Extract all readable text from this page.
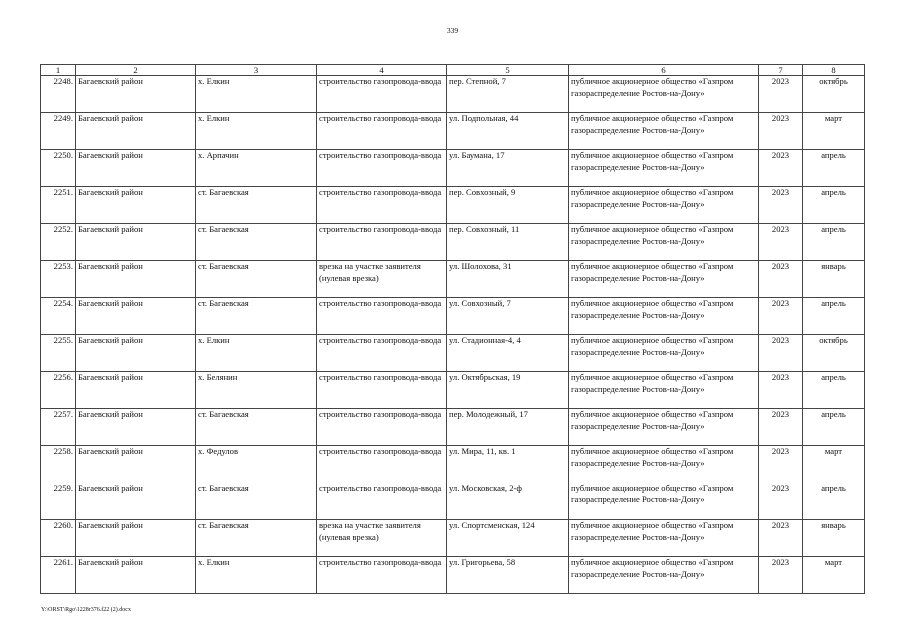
339
1	2	3	4	5	6	7	8
2248.	Багаевский район	х. Елкин	строительство газопровода-ввода	пер. Степной, 7	публичное акционерное общество «Газпром газораспределение Ростов-на-Дону»	2023	октябрь
2249.	Багаевский район	х. Елкин	строительство газопровода-ввода	ул. Подпольная, 44	публичное акционерное общество «Газпром газораспределение Ростов-на-Дону»	2023	март
2250.	Багаевский район	х. Арпачин	строительство газопровода-ввода	ул. Баумана, 17	публичное акционерное общество «Газпром газораспределение Ростов-на-Дону»	2023	апрель
2251.	Багаевский район	ст. Багаевская	строительство газопровода-ввода	пер. Совхозный, 9	публичное акционерное общество «Газпром газораспределение Ростов-на-Дону»	2023	апрель
2252.	Багаевский район	ст. Багаевская	строительство газопровода-ввода	пер. Совхозный, 11	публичное акционерное общество «Газпром газораспределение Ростов-на-Дону»	2023	апрель
2253.	Багаевский район	ст. Багаевская	врезка на участке заявителя (нулевая врезка)	ул. Шолохова, 31	публичное акционерное общество «Газпром газораспределение Ростов-на-Дону»	2023	январь
2254.	Багаевский район	ст. Багаевская	строительство газопровода-ввода	ул. Совхозный, 7	публичное акционерное общество «Газпром газораспределение Ростов-на-Дону»	2023	апрель
2255.	Багаевский район	х. Елкин	строительство газопровода-ввода	ул. Стадионная-4, 4	публичное акционерное общество «Газпром газораспределение Ростов-на-Дону»	2023	октябрь
2256.	Багаевский район	х. Белянин	строительство газопровода-ввода	ул. Октябрьская, 19	публичное акционерное общество «Газпром газораспределение Ростов-на-Дону»	2023	апрель
2257.	Багаевский район	ст. Багаевская	строительство газопровода-ввода	пер. Молодежный, 17	публичное акционерное общество «Газпром газораспределение Ростов-на-Дону»	2023	апрель
2258.	Багаевский район	х. Федулов	строительство газопровода-ввода	ул. Мира, 11, кв. 1	публичное акционерное общество «Газпром газораспределение Ростов-на-Дону»	2023	март
2259.	Багаевский район	ст. Багаевская	строительство газопровода-ввода	ул. Московская, 2-ф	публичное акционерное общество «Газпром газораспределение Ростов-на-Дону»	2023	апрель
2260.	Багаевский район	ст. Багаевская	врезка на участке заявителя (нулевая врезка)	ул. Спортсменская, 124	публичное акционерное общество «Газпром газораспределение Ростов-на-Дону»	2023	январь
2261.	Багаевский район	х. Елкин	строительство газопровода-ввода	ул. Григорьева, 58	публичное акционерное общество «Газпром газораспределение Ростов-на-Дону»	2023	март
Y:\ORST\Rgo\1228r376.f22 (2).docx
